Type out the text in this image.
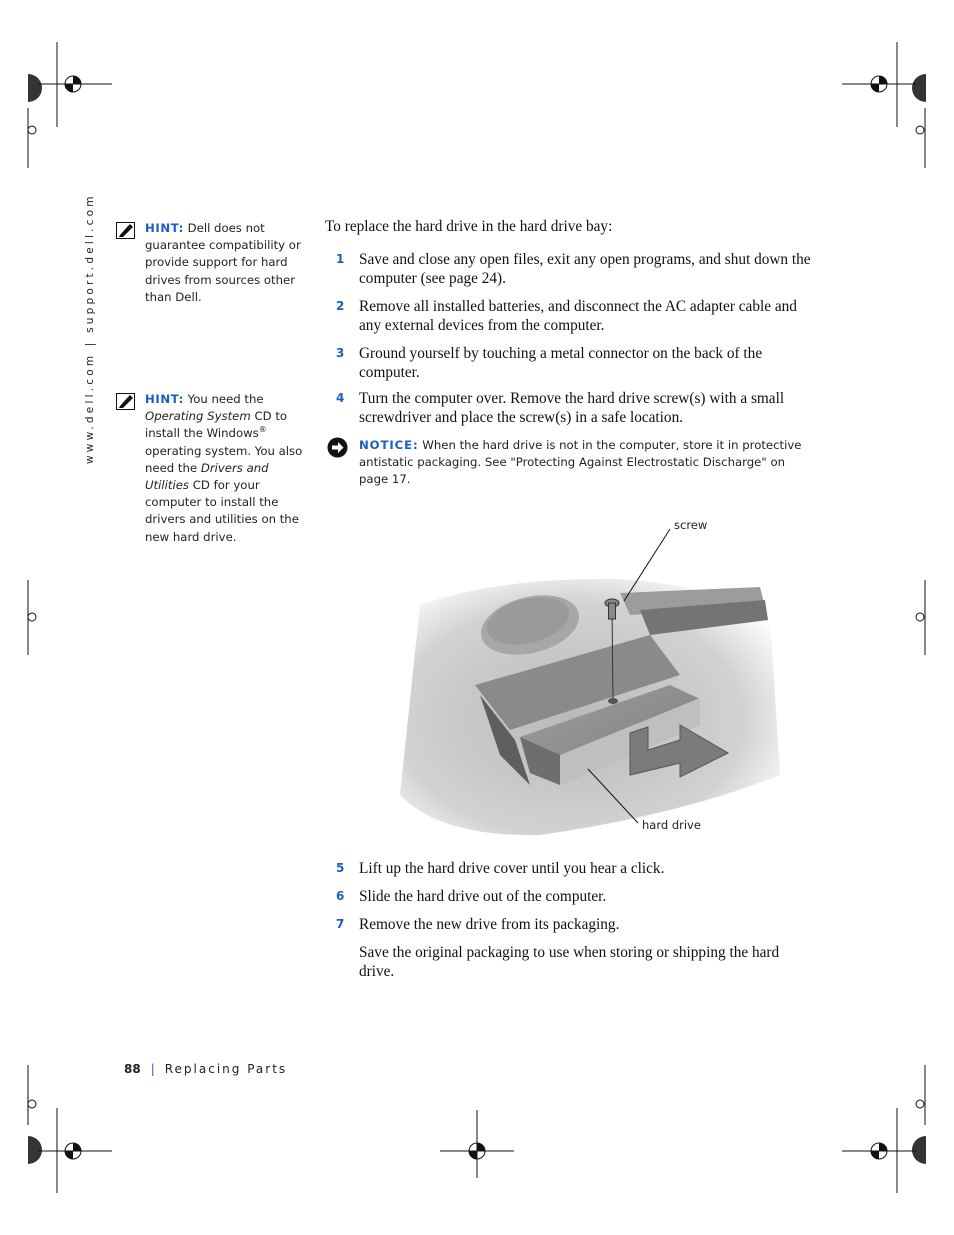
www.dell.com | support.dell.com	HINT: Dell does not guarantee compatibility or provide support for hard drives from sources other than Dell.
HINT: You need the Operating System CD to install the Windows® operating system. You also need the Drivers and Utilities CD for your computer to install the drivers and utilities on the new hard drive.
To replace the hard drive in the hard drive bay:
1 Save and close any open files, exit any open programs, and shut down the computer (see page 24).
2 Remove all installed batteries, and disconnect the AC adapter cable and any external devices from the computer.
3 Ground yourself by touching a metal connector on the back of the computer.
4 Turn the computer over. Remove the hard drive screw(s) with a small screwdriver and place the screw(s) in a safe location.
NOTICE: When the hard drive is not in the computer, store it in protective antistatic packaging. See "Protecting Against Electrostatic Discharge" on page 17.
screw
hard drive
5 Lift up the hard drive cover until you hear a click.
6 Slide the hard drive out of the computer.
7 Remove the new drive from its packaging.
Save the original packaging to use when storing or shipping the hard drive.
88 | Replacing Parts
